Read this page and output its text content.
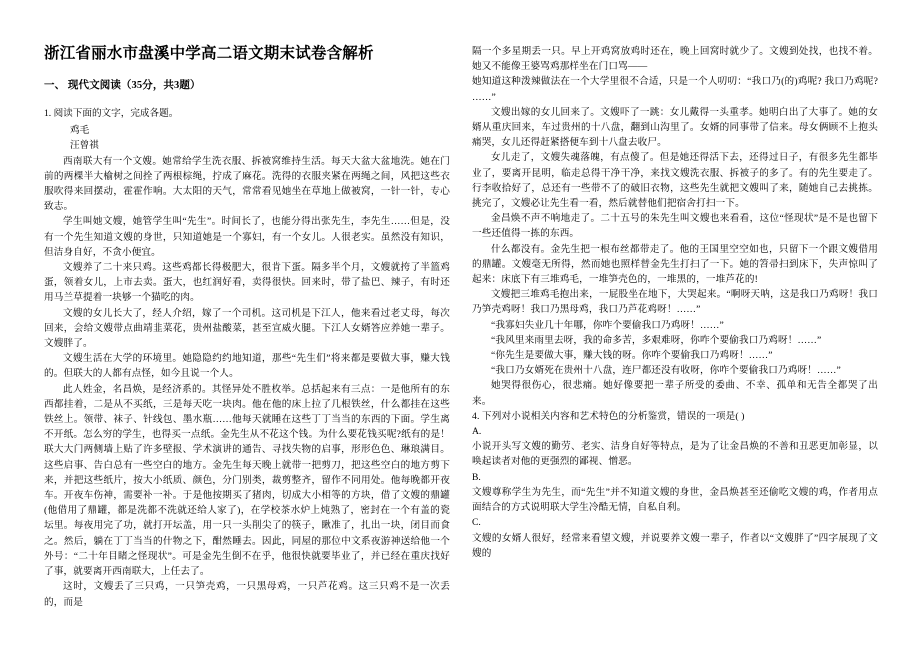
浙江省丽水市盘溪中学高二语文期末试卷含解析
一、 现代文阅读（35分，共3题）
1. 阅读下面的文字，完成各题。
鸡毛
汪曾祺

西南联大有一个文嫂。她常给学生洗衣服、拆被窝维持生活。每天大盆大盆地洗。她在门前的两棵半大榆树之间拴了两根棕绳，拧成了麻花。洗得的衣服夹紧在两绳之间，风把这些衣服吹得来回摆动，霍霍作响。大太阳的天气，常常看见她坐在草地上做被窝，一针一针，专心致志。

学生叫她文嫂，她管学生叫“先生”。时间长了，也能分得出张先生，李先生……但是，没有一个先生知道文嫂的身世，只知道她是一个寡妇，有一个女儿。人很老实。虽然没有知识，但洁身自好，不贪小便宜。

文嫂养了二十来只鸡。这些鸡都长得极肥大，很肯下蛋。隔多半个月，文嫂就挎了半篮鸡蛋，领着女儿，上市去卖。蛋大，也红润好看，卖得很快。回来时，带了盐巴、辣子，有时还用马兰草提着一块够一个猫吃的肉。

文嫂的女儿长大了，经人介绍，嫁了一个司机。这司机是下江人，他来看过老丈母，每次回来，会给文嫂带点曲靖韭菜花，贵州盐酸菜，甚至宣威火腿。下江人女婿答应养她一辈子。文嫂胖了。

文嫂生活在大学的环境里。她隐隐约约地知道，那些“先生们”将来都是要做大事，赚大钱的。但联大的人都有点怪，如今且说一个人。

此人姓金，名昌焕，是经济系的。其怪异处不胜枚举。总括起来有三点：一是他所有的东西都挂着，二是从不买纸，三是每天吃一块肉。他在他的床上拉了几根铁丝，什么都挂在这些铁丝上。领带、袜子、针线包、墨水瓶……他每天就睡在这些丁丁当当的东西的下面。学生离不开纸。怎么穷的学生，也得买一点纸。金先生从不花这个钱。为什么要花钱买呢?纸有的是！联大大门两侧墙上贴了许多壁报、学术演讲的通告、寻找失物的启事，形形色色、琳琅满目。这些启事、告白总有一些空白的地方。金先生每天晚上就带一把剪刀，把这些空白的地方剪下来，并把这些纸片，按大小纸质、颜色，分门别类，裁剪整齐，留作不同用处。他每晚都开夜车。开夜车伤神，需要补一补。于是他按期买了猪肉，切成大小相等的方块，借了文嫂的鼎罐(他借用了鼎罐，都是洗都不洗就还给人家了)，在学校茶水炉上炖熟了，密封在一个有盖的瓷坛里。每夜用完了功，就打开坛盖，用一只一头削尖了的筷子，瞅准了，扎出一块，闭目而食之。然后，躺在丁丁当当的什物之下，酣然睡去。因此，同屋的那位中文系夜游神送给他一个外号：“二十年目睹之怪现状”。可是金先生倒不在乎，他很快就要毕业了，并已经在重庆找好了事，就要离开西南联大，上任去了。

这时，文嫂丢了三只鸡，一只笋壳鸡，一只黑母鸡，一只芦花鸡。这三只鸡不是一次丢的，而是

隔一个多星期丢一只。早上开鸡窝放鸡时还在，晚上回窝时就少了。文嫂到处找，也找不着。她又不能像王婆骂鸡那样坐在门口骂——

她知道这种泼辣做法在一个大学里很不合适，只是一个人叨叨：“我口乃(的)鸡呢? 我口乃鸡呢? ……”

文嫂出嫁的女儿回来了。文嫂吓了一跳：女儿戴得一头重孝。她明白出了大事了。她的女婿从重庆回来，车过贵州的十八盘，翻到山沟里了。女婿的同事带了信来。母女俩顾不上抱头痛哭，女儿还得赶紧搭便车到十八盘去收尸。

女儿走了，文嫂失魂落魄，有点傻了。但是她还得活下去，还得过日子，有很多先生都毕业了，要离开昆明，临走总得干净干净，来找文嫂洗衣服、拆被子的多了。有的先生要走了。行李收拾好了，总还有一些带不了的破旧衣物，这些先生就把文嫂叫了来，随她自己去挑拣。挑完了，文嫂必让先生看一看，然后就替他们把宿舍打扫一下。

金昌焕不声不响地走了。二十五号的朱先生叫文嫂也来看看，这位“怪现状”是不是也留下一些还值得一拣的东西。

什么都没有。金先生把一根布丝都带走了。他的王国里空空如也，只留下一个跟文嫂借用的鼎罐。文嫂毫无所得，然而她也照样替金先生打扫了一下。她的笤帚扫到床下，失声惊叫了起来：床底下有三堆鸡毛，一堆笋壳色的，一堆黑的，一堆芦花的!

文嫂把三堆鸡毛抱出来，一屁股坐在地下，大哭起来。“啊呀天呐，这是我口乃鸡呀！我口乃笋壳鸡呀！我口乃黑母鸡，我口乃芦花鸡呀！……”

“我寡妇失业几十年哪，你咋个要偷我口乃鸡呀！……”

“我风里来雨里去呀，我的命多苦，多艰难呀，你咋个要偷我口乃鸡呀！……”

“你先生是要做大事，赚大钱的呀。你咋个要偷我口乃鸡呀！……”

“我口乃女婿死在贵州十八盘，连尸都还没有收呀，你咋个要偷我口乃鸡呀！……”

她哭得很伤心，很悲痛。她好像要把一辈子所受的委曲、不幸、孤单和无告全都哭了出来。

4. 下列对小说相关内容和艺术特色的分析鉴赏，错误的一项是( )

A.

小说开头写文嫂的勤劳、老实、洁身自好等特点，是为了让金昌焕的不善和丑恶更加彰显，以唤起读者对他的更强烈的鄙视、憎恶。

B.

文嫂尊称学生为先生，而“先生”并不知道文嫂的身世，金昌焕甚至还偷吃文嫂的鸡，作者用点面结合的方式说明联大学生冷酷无情，自私自利。

C.

文嫂的女婿人很好，经常来看望文嫂，并说要养文嫂一辈子，作者以“文嫂胖了”四字展现了文嫂的
